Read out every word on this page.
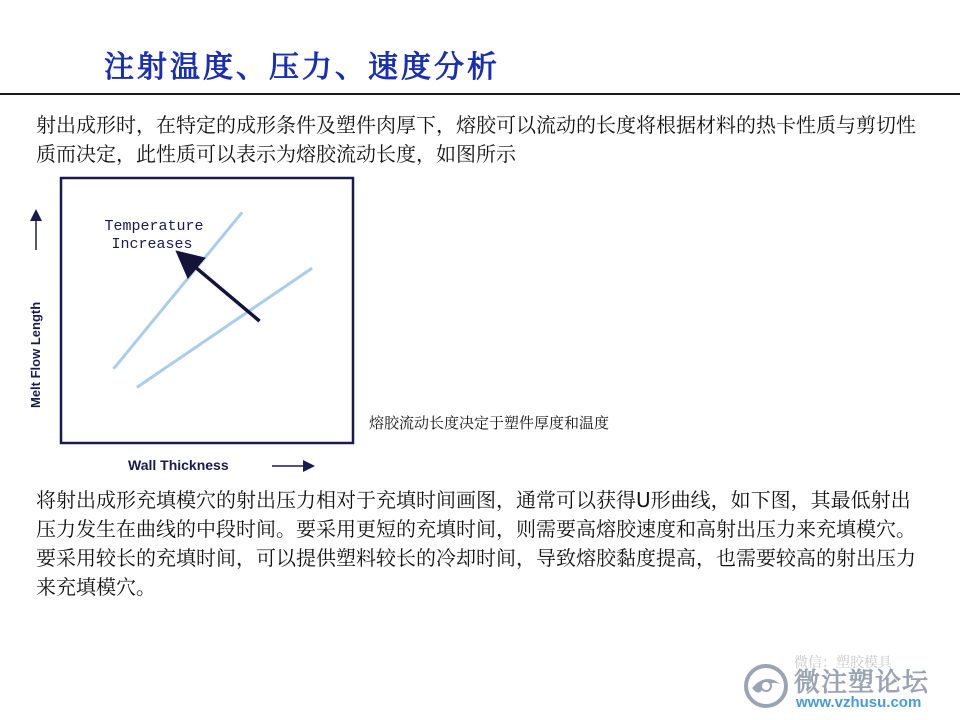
注射温度、压力、速度分析

射出成形时，在特定的成形条件及塑件肉厚下，熔胶可以流动的长度将根据材料的热卡性质与剪切性质而决定，此性质可以表示为熔胶流动长度，如图所示

Temperature
Increases
Melt Flow Length
Wall Thickness
熔胶流动长度决定于塑件厚度和温度

将射出成形充填模穴的射出压力相对于充填时间画图，通常可以获得U形曲线，如下图，其最低射出压力发生在曲线的中段时间。要采用更短的充填时间，则需要高熔胶速度和高射出压力来充填模穴。要采用较长的充填时间，可以提供塑料较长的冷却时间，导致熔胶黏度提高，也需要较高的射出压力来充填模穴。

微信：塑胶模具
微注塑论坛
www.vzhusu.com
